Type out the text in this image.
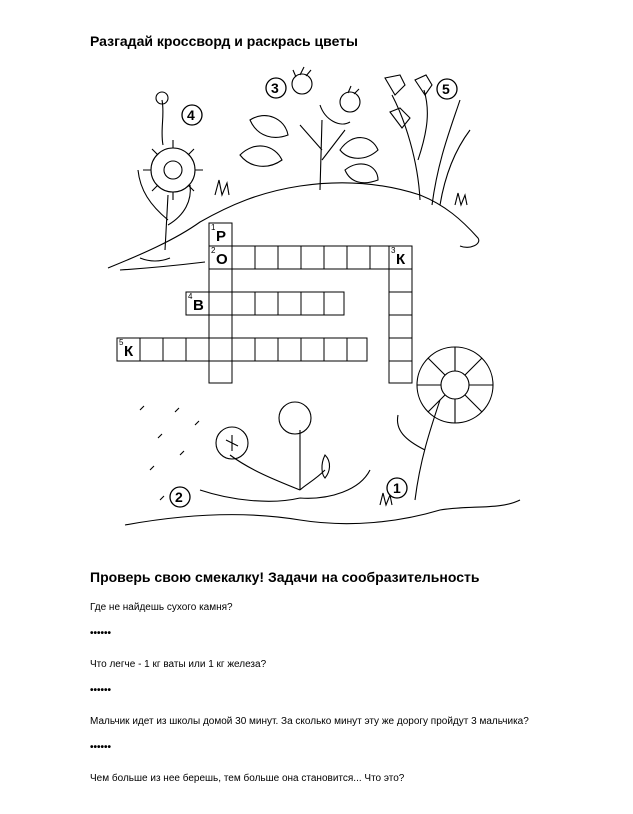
Разгадай кроссворд и раскрась цветы
1
2	3
4
5
Р
О	К
В
К
3
4
5
2
1
Проверь свою смекалку! Задачи на сообразительность
Где не найдешь сухого камня?
••••••
Что легче - 1 кг ваты или 1 кг железа?
••••••
Мальчик идет из школы домой 30 минут. За сколько минут эту же дорогу пройдут 3 мальчика?
••••••
Чем больше из нее берешь, тем больше она становится... Что это?
